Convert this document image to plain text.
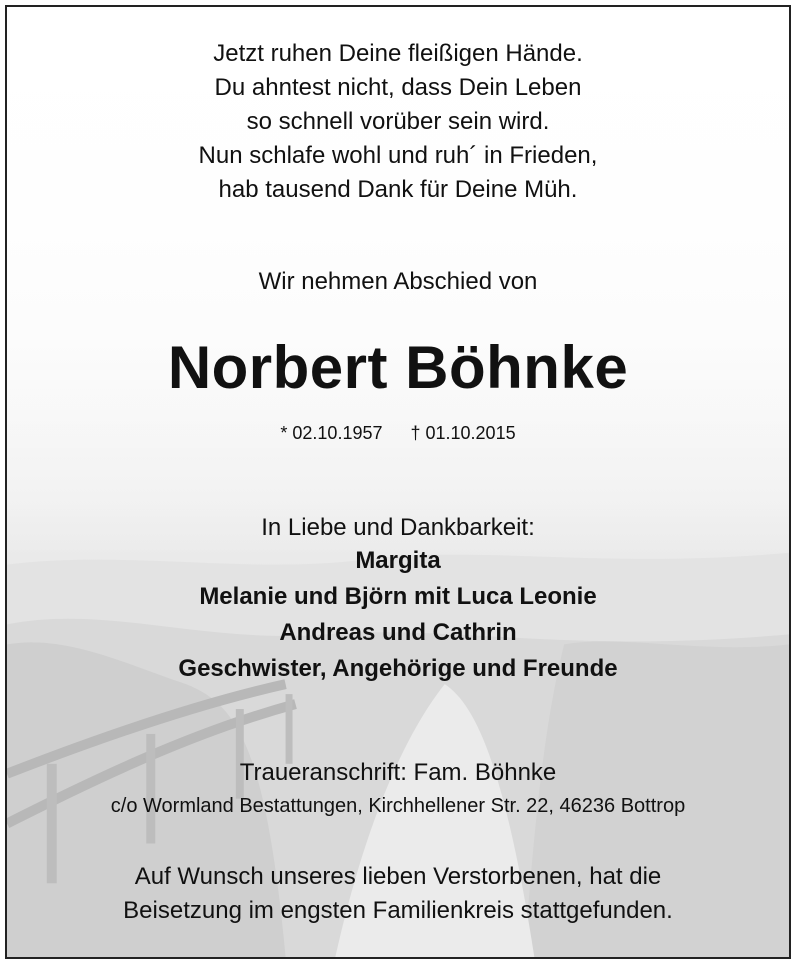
Jetzt ruhen Deine fleißigen Hände.
Du ahntest nicht, dass Dein Leben
so schnell vorüber sein wird.
Nun schlafe wohl und ruh´ in Frieden,
hab tausend Dank für Deine Müh.
Wir nehmen Abschied von
Norbert Böhnke
* 02.10.1957 † 01.10.2015
In Liebe und Dankbarkeit:
Margita
Melanie und Björn mit Luca Leonie
Andreas und Cathrin
Geschwister, Angehörige und Freunde
Traueranschrift: Fam. Böhnke
c/o Wormland Bestattungen, Kirchhellener Str. 22, 46236 Bottrop
Auf Wunsch unseres lieben Verstorbenen, hat die
Beisetzung im engsten Familienkreis stattgefunden.
